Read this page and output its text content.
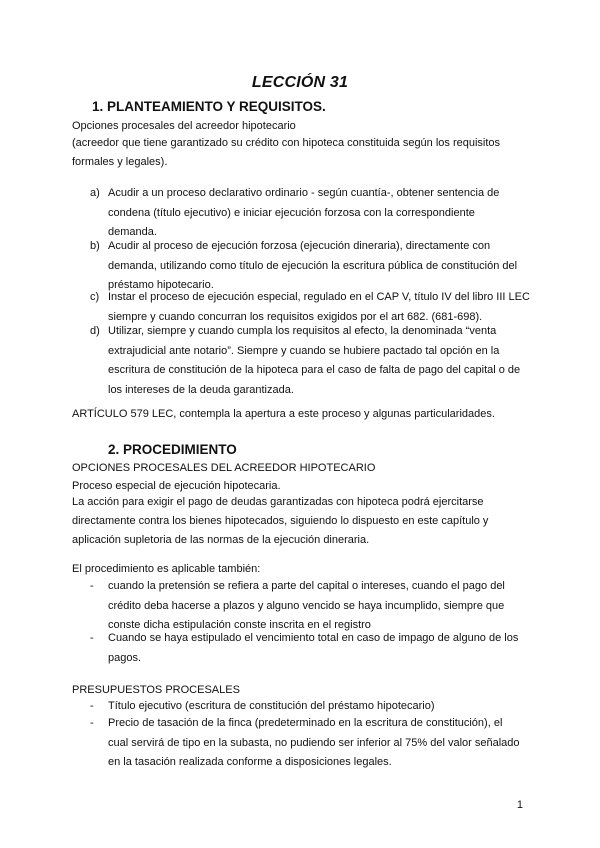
LECCIÓN 31
1. PLANTEAMIENTO Y REQUISITOS.
Opciones procesales del acreedor hipotecario
(acreedor que tiene garantizado su crédito con hipoteca constituida según los requisitos
formales y legales).
a) Acudir a un proceso declarativo ordinario - según cuantía-, obtener sentencia de
condena (título ejecutivo) e iniciar ejecución forzosa con la correspondiente
demanda.
b) Acudir al proceso de ejecución forzosa (ejecución dineraria), directamente con
demanda, utilizando como título de ejecución la escritura pública de constitución del
préstamo hipotecario.
c) Instar el proceso de ejecución especial, regulado en el CAP V, título IV del libro III LEC
siempre y cuando concurran los requisitos exigidos por el art 682. (681-698).
d) Utilizar, siempre y cuando cumpla los requisitos al efecto, la denominada “venta
extrajudicial ante notario”. Siempre y cuando se hubiere pactado tal opción en la
escritura de constitución de la hipoteca para el caso de falta de pago del capital o de
los intereses de la deuda garantizada.
ARTÍCULO 579 LEC, contempla la apertura a este proceso y algunas particularidades.
2. PROCEDIMIENTO
OPCIONES PROCESALES DEL ACREEDOR HIPOTECARIO
Proceso especial de ejecución hipotecaria.
La acción para exigir el pago de deudas garantizadas con hipoteca podrá ejercitarse
directamente contra los bienes hipotecados, siguiendo lo dispuesto en este capítulo y
aplicación supletoria de las normas de la ejecución dineraria.
El procedimiento es aplicable también:
-	cuando la pretensión se refiera a parte del capital o intereses, cuando el pago del
crédito deba hacerse a plazos y alguno vencido se haya incumplido, siempre que
conste dicha estipulación conste inscrita en el registro
-	Cuando se haya estipulado el vencimiento total en caso de impago de alguno de los
pagos.
PRESUPUESTOS PROCESALES
-	Título ejecutivo (escritura de constitución del préstamo hipotecario)
-	Precio de tasación de la finca (predeterminado en la escritura de constitución), el
cual servirá de tipo en la subasta, no pudiendo ser inferior al 75% del valor señalado
en la tasación realizada conforme a disposiciones legales.
1
